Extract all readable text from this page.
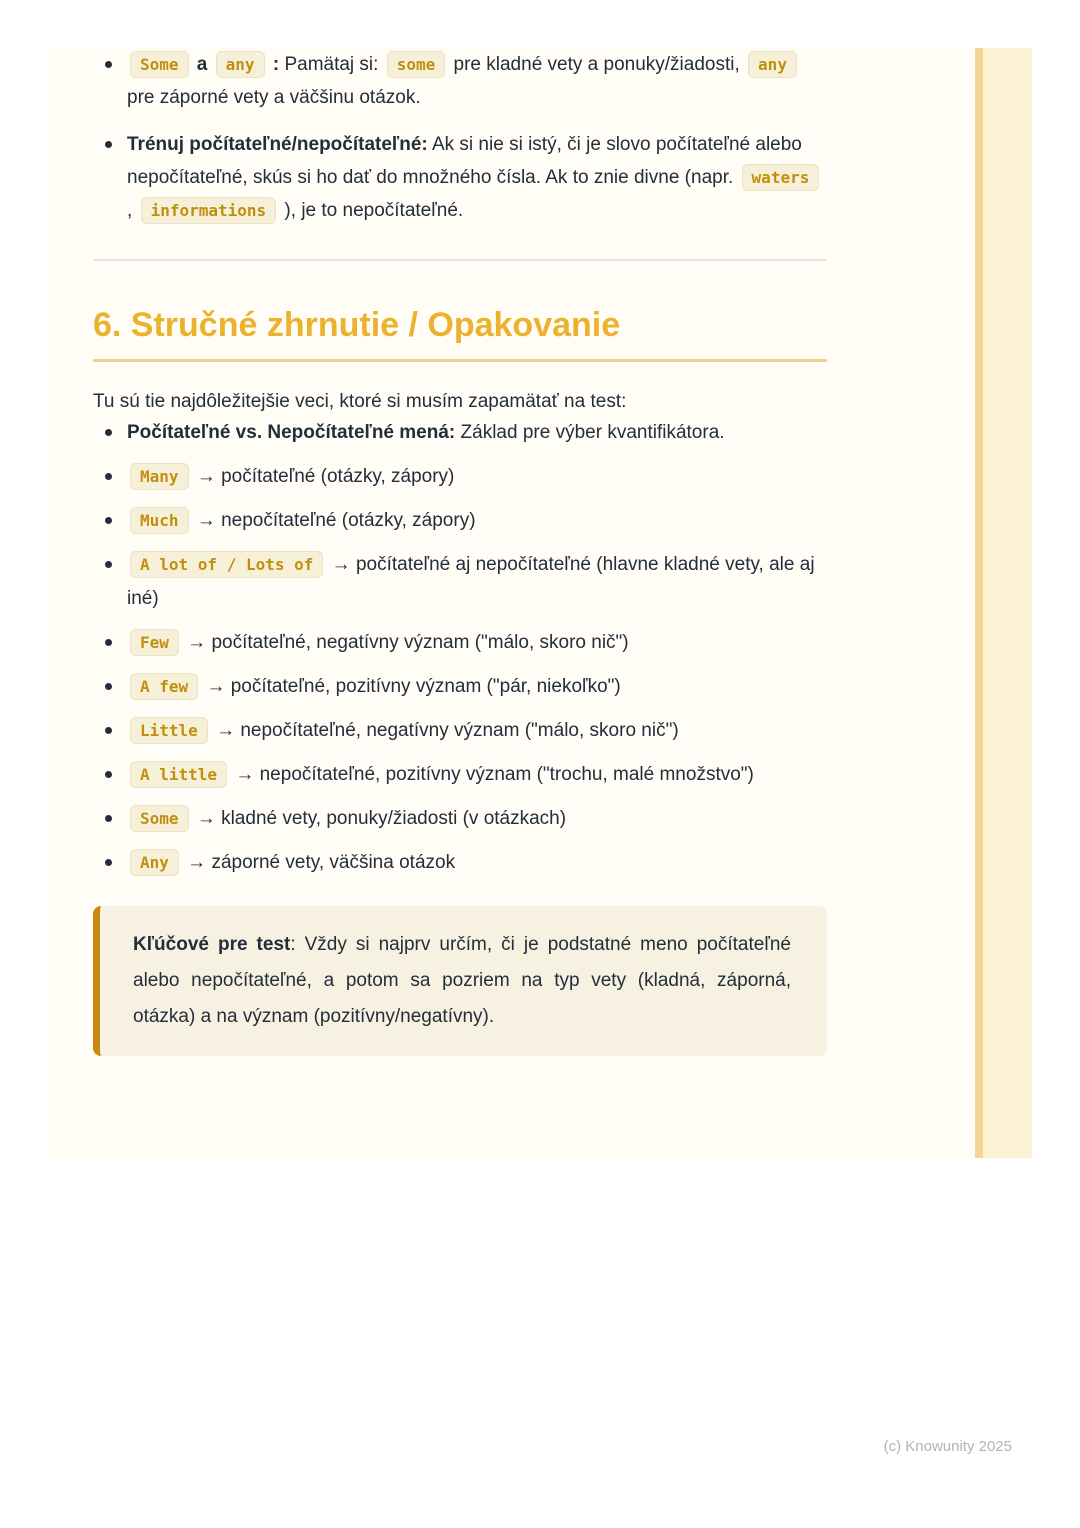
Some a any : Pamätaj si: some pre kladné vety a ponuky/žiadosti, any pre záporné vety a väčšinu otázok.
Trénuj počítateľné/nepočítateľné: Ak si nie si istý, či je slovo počítateľné alebo nepočítateľné, skús si ho dať do množného čísla. Ak to znie divne (napr. waters , informations ), je to nepočítateľné.
6. Stručné zhrnutie / Opakovanie

Tu sú tie najdôležitejšie veci, ktoré si musím zapamätať na test:

Počítateľné vs. Nepočítateľné mená: Základ pre výber kvantifikátora.
Many → počítateľné (otázky, zápory)
Much → nepočítateľné (otázky, zápory)
A lot of / Lots of → počítateľné aj nepočítateľné (hlavne kladné vety, ale aj iné)
Few → počítateľné, negatívny význam ("málo, skoro nič")
A few → počítateľné, pozitívny význam ("pár, niekoľko")
Little → nepočítateľné, negatívny význam ("málo, skoro nič")
A little → nepočítateľné, pozitívny význam ("trochu, malé množstvo")
Some → kladné vety, ponuky/žiadosti (v otázkach)
Any → záporné vety, väčšina otázok
Kľúčové pre test: Vždy si najprv určím, či je podstatné meno počítateľné alebo nepočítateľné, a potom sa pozriem na typ vety (kladná, záporná, otázka) a na význam (pozitívny/negatívny).
(c) Knowunity 2025
